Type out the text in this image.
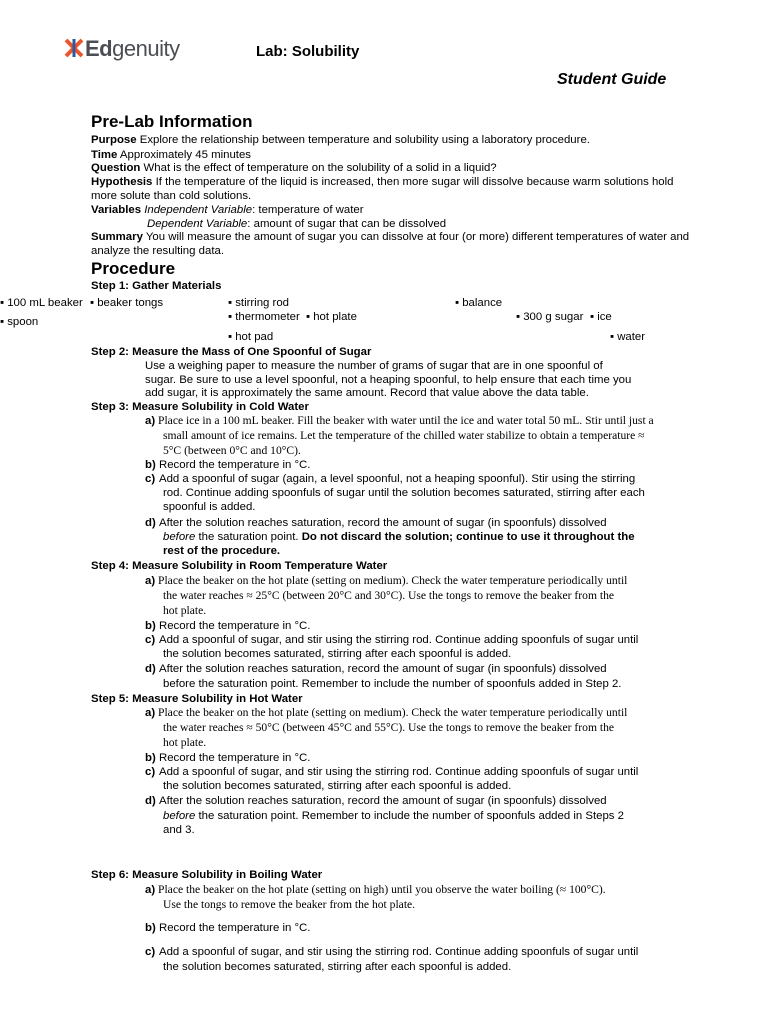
Edgenuity	Lab: Solubility
Student Guide
Pre-Lab Information
Purpose Explore the relationship between temperature and solubility using a laboratory procedure.
Time Approximately 45 minutes
Question What is the effect of temperature on the solubility of a solid in a liquid?
Hypothesis If the temperature of the liquid is increased, then more sugar will dissolve because warm solutions hold
more solute than cold solutions.
Variables Independent Variable: temperature of water
Dependent Variable: amount of sugar that can be dissolved
Summary You will measure the amount of sugar you can dissolve at four (or more) different temperatures of water and
analyze the resulting data.
Procedure
Step 1: Gather Materials
▪ 100 mL beaker ▪ beaker tongs	▪ stirring rod	▪ balance
▪ spoon	▪ thermometer ▪ hot plate	▪ 300 g sugar ▪ ice
▪ hot pad	▪ water
Step 2: Measure the Mass of One Spoonful of Sugar
Use a weighing paper to measure the number of grams of sugar that are in one spoonful of
sugar. Be sure to use a level spoonful, not a heaping spoonful, to help ensure that each time you
add sugar, it is approximately the same amount. Record that value above the data table.
Step 3: Measure Solubility in Cold Water
a) Place ice in a 100 mL beaker. Fill the beaker with water until the ice and water total 50 mL. Stir until just a
small amount of ice remains. Let the temperature of the chilled water stabilize to obtain a temperature ≈
5°C (between 0°C and 10°C).
b) Record the temperature in °C.
c) Add a spoonful of sugar (again, a level spoonful, not a heaping spoonful). Stir using the stirring
rod. Continue adding spoonfuls of sugar until the solution becomes saturated, stirring after each
spoonful is added.
d) After the solution reaches saturation, record the amount of sugar (in spoonfuls) dissolved
before the saturation point. Do not discard the solution; continue to use it throughout the
rest of the procedure.
Step 4: Measure Solubility in Room Temperature Water
a) Place the beaker on the hot plate (setting on medium). Check the water temperature periodically until
the water reaches ≈ 25°C (between 20°C and 30°C). Use the tongs to remove the beaker from the
hot plate.
b) Record the temperature in °C.
c) Add a spoonful of sugar, and stir using the stirring rod. Continue adding spoonfuls of sugar until
the solution becomes saturated, stirring after each spoonful is added.
d) After the solution reaches saturation, record the amount of sugar (in spoonfuls) dissolved
before the saturation point. Remember to include the number of spoonfuls added in Step 2.
Step 5: Measure Solubility in Hot Water
a) Place the beaker on the hot plate (setting on medium). Check the water temperature periodically until
the water reaches ≈ 50°C (between 45°C and 55°C). Use the tongs to remove the beaker from the
hot plate.
b) Record the temperature in °C.
c) Add a spoonful of sugar, and stir using the stirring rod. Continue adding spoonfuls of sugar until
the solution becomes saturated, stirring after each spoonful is added.
d) After the solution reaches saturation, record the amount of sugar (in spoonfuls) dissolved
before the saturation point. Remember to include the number of spoonfuls added in Steps 2
and 3.
Step 6: Measure Solubility in Boiling Water
a) Place the beaker on the hot plate (setting on high) until you observe the water boiling (≈ 100°C).
Use the tongs to remove the beaker from the hot plate.
b) Record the temperature in °C.
c) Add a spoonful of sugar, and stir using the stirring rod. Continue adding spoonfuls of sugar until
the solution becomes saturated, stirring after each spoonful is added.
